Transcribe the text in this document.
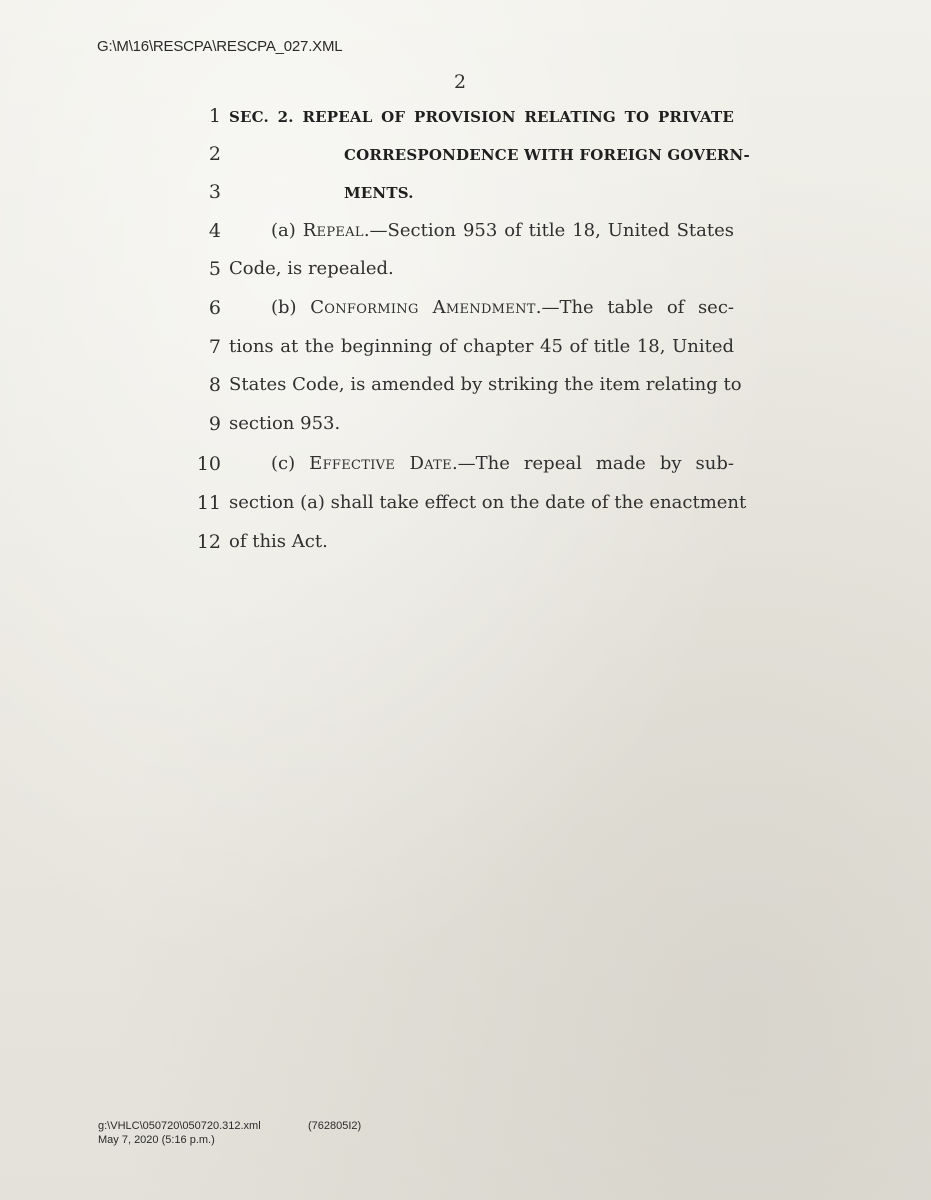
G:\M\16\RESCPA\RESCPA_027.XML
2
1 SEC. 2. REPEAL OF PROVISION RELATING TO PRIVATE
2	CORRESPONDENCE WITH FOREIGN GOVERN-
3	MENTS.
4	(a) Repeal.—Section 953 of title 18, United States
5 Code, is repealed.
6	(b) Conforming Amendment.—The table of sec-
7 tions at the beginning of chapter 45 of title 18, United
8 States Code, is amended by striking the item relating to
9 section 953.
10	(c) Effective Date.—The repeal made by sub-
11 section (a) shall take effect on the date of the enactment
12 of this Act.
g:\VHLC\050720\050720.312.xml	(762805I2)

May 7, 2020 (5:16 p.m.)
